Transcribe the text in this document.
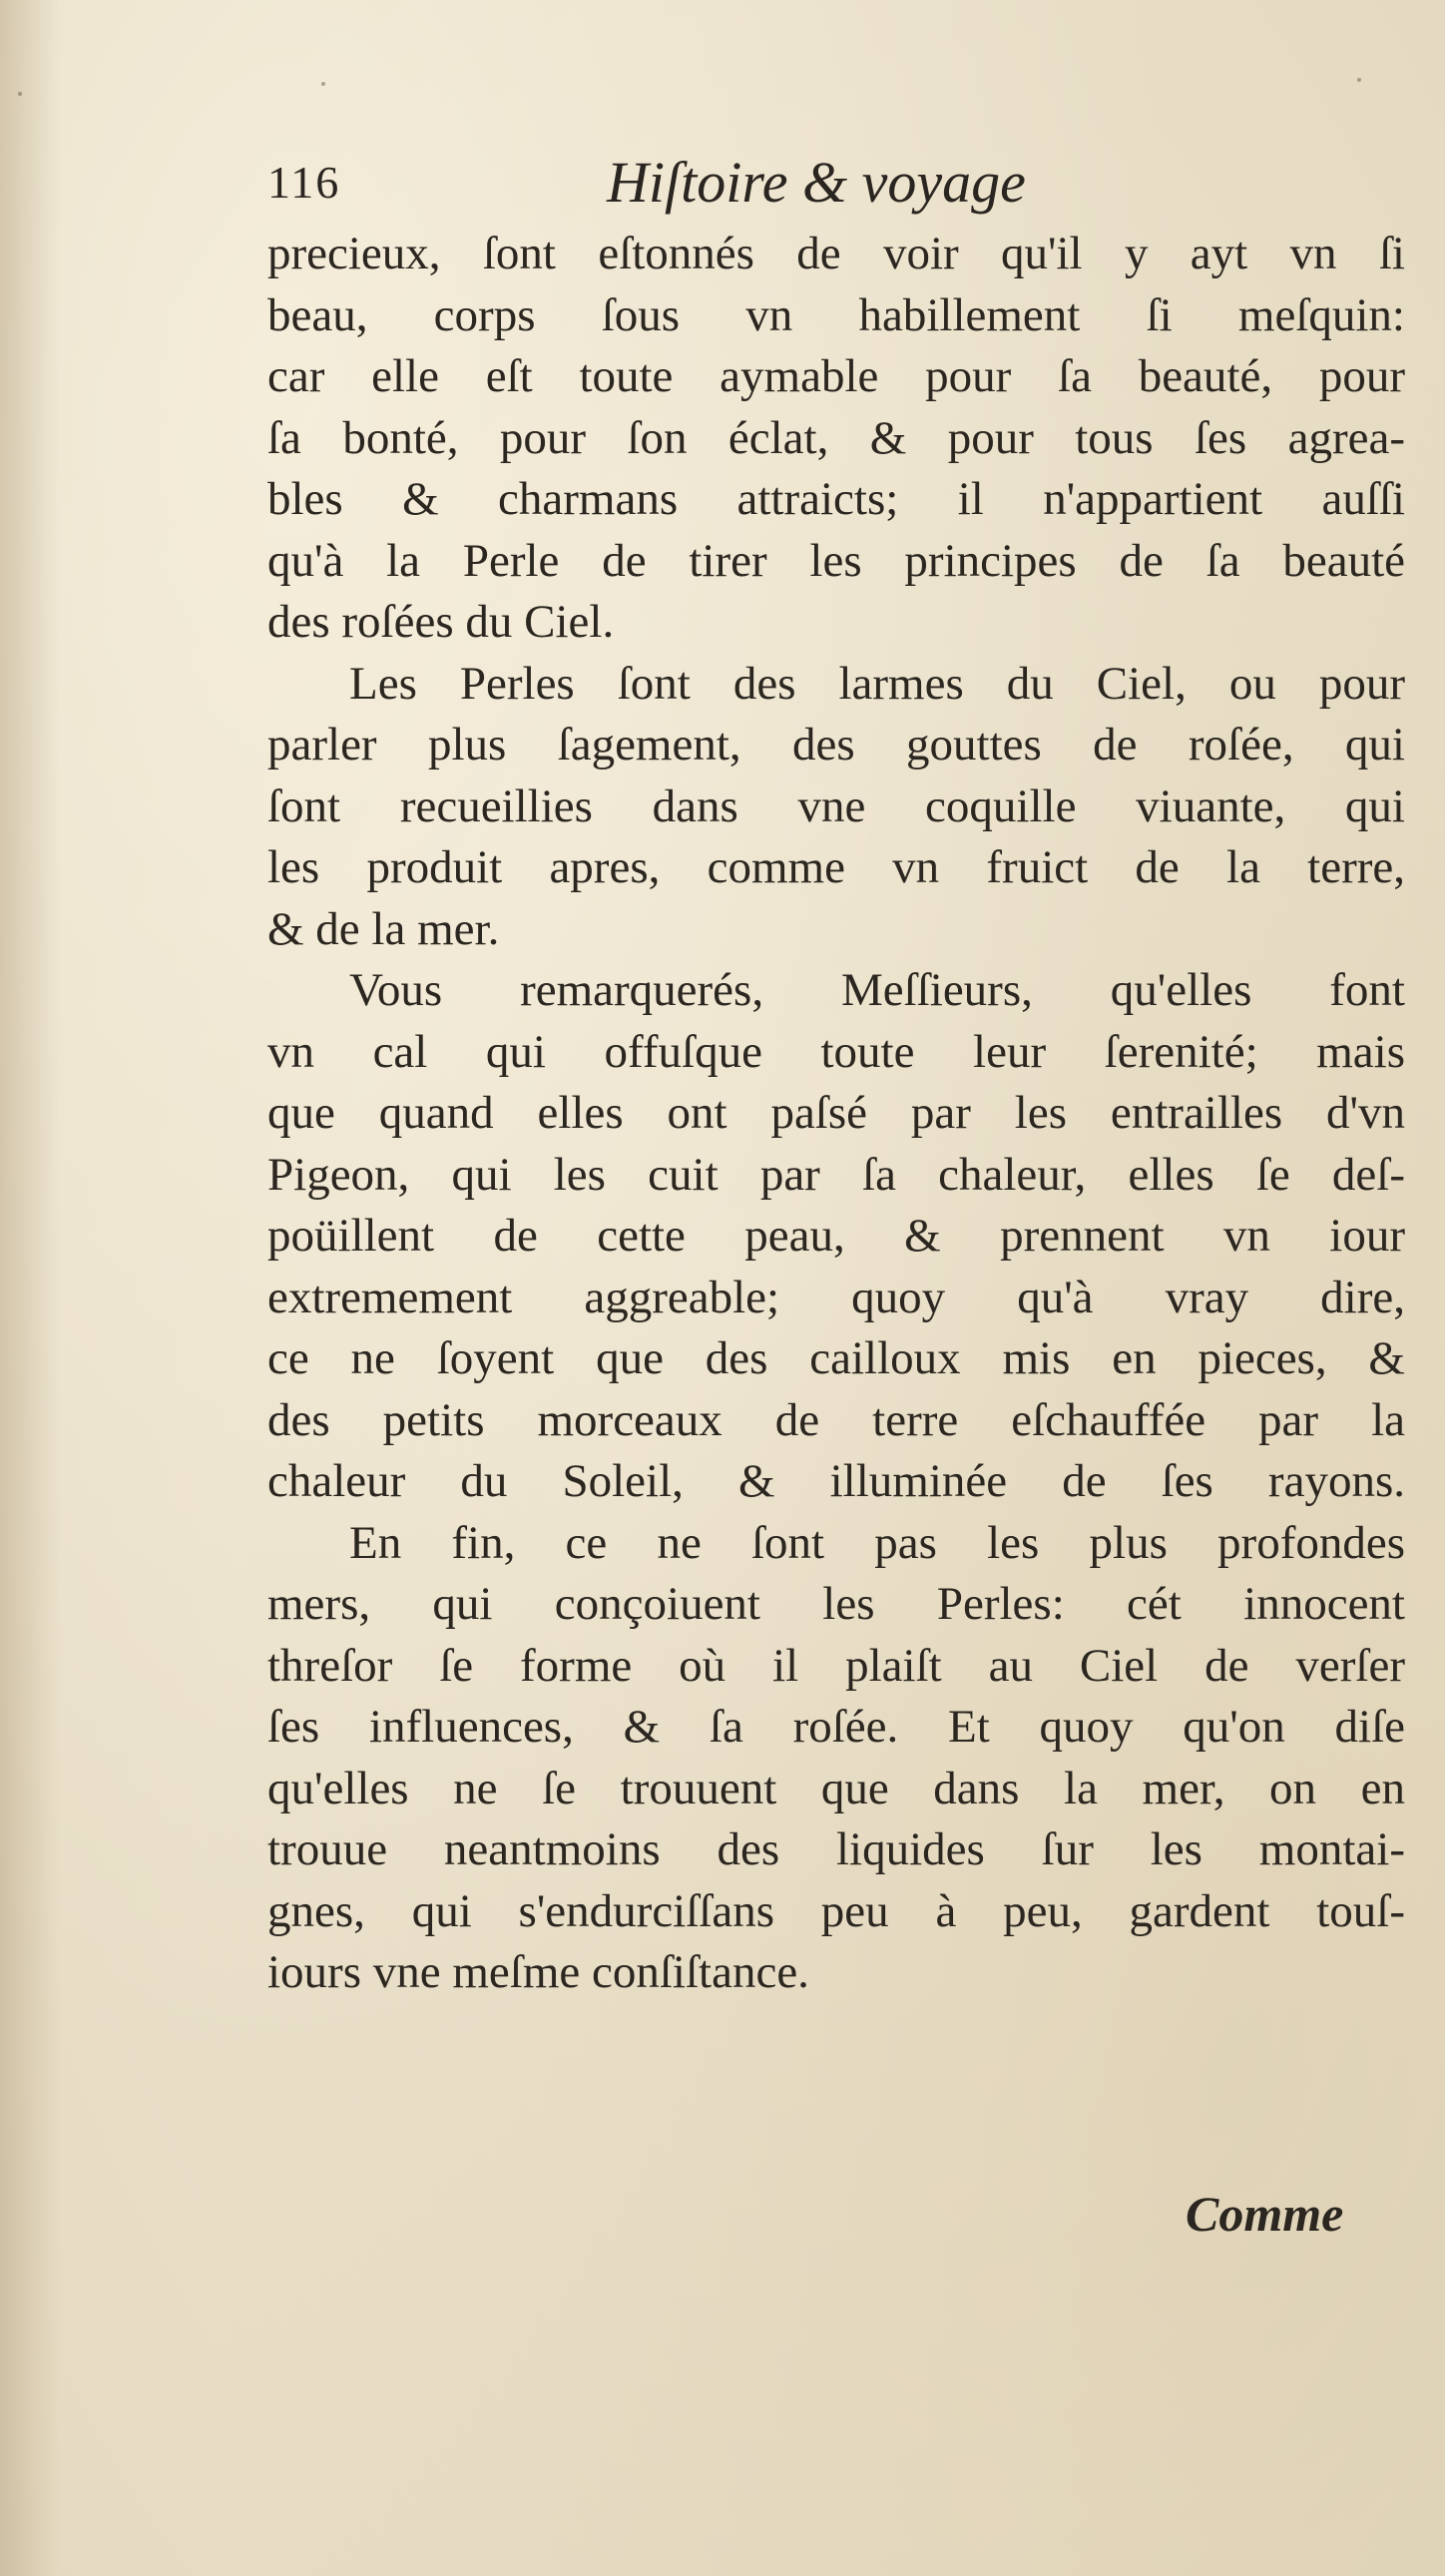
116	Hiſtoire & voyage
precieux, ſont eſtonnés de voir qu'il y ayt vn ſi
beau, corps ſous vn habillement ſi meſquin:
car elle eſt toute aymable pour ſa beauté, pour
ſa bonté, pour ſon éclat, & pour tous ſes agrea-
bles & charmans attraicts; il n'appartient auſſi
qu'à la Perle de tirer les principes de ſa beauté
des roſées du Ciel.
Les Perles ſont des larmes du Ciel, ou pour
parler plus ſagement, des gouttes de roſée, qui
ſont recueillies dans vne coquille viuante, qui
les produit apres, comme vn fruict de la terre,
& de la mer.
Vous remarquerés, Meſſieurs, qu'elles font
vn cal qui offuſque toute leur ſerenité; mais
que quand elles ont paſsé par les entrailles d'vn
Pigeon, qui les cuit par ſa chaleur, elles ſe deſ-
poüillent de cette peau, & prennent vn iour
extremement aggreable; quoy qu'à vray dire,
ce ne ſoyent que des cailloux mis en pieces, &
des petits morceaux de terre eſchauffée par la
chaleur du Soleil, & illuminée de ſes rayons.
En fin, ce ne ſont pas les plus profondes
mers, qui conçoiuent les Perles: cét innocent
threſor ſe forme où il plaiſt au Ciel de verſer
ſes influences, & ſa roſée. Et quoy qu'on diſe
qu'elles ne ſe trouuent que dans la mer, on en
trouue neantmoins des liquides ſur les montai-
gnes, qui s'endurciſſans peu à peu, gardent touſ-
iours vne meſme conſiſtance.
Comme
